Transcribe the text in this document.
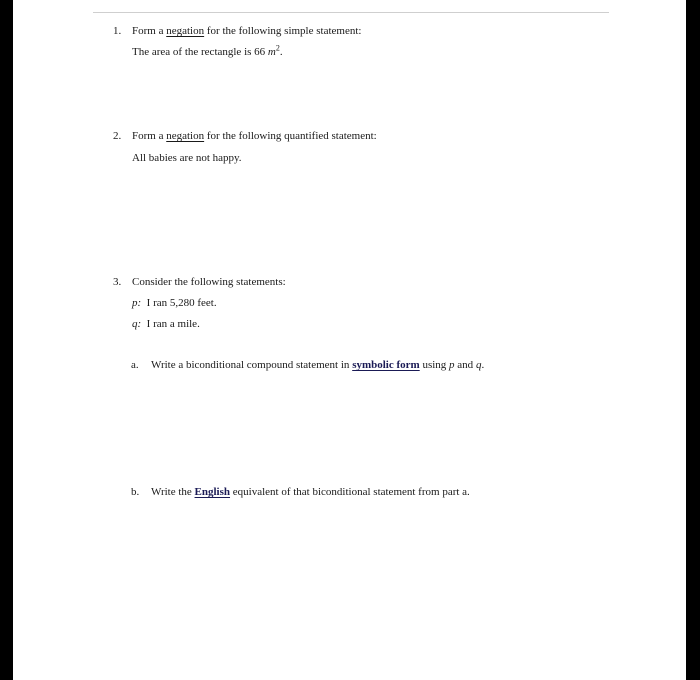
1. Form a negation for the following simple statement:
The area of the rectangle is 66 $m^2$.
2. Form a negation for the following quantified statement:
All babies are not happy.
3. Consider the following statements:
p: I ran 5,280 feet.
q: I ran a mile.
a. Write a biconditional compound statement in symbolic form using p and q.
b. Write the English equivalent of that biconditional statement from part a.
